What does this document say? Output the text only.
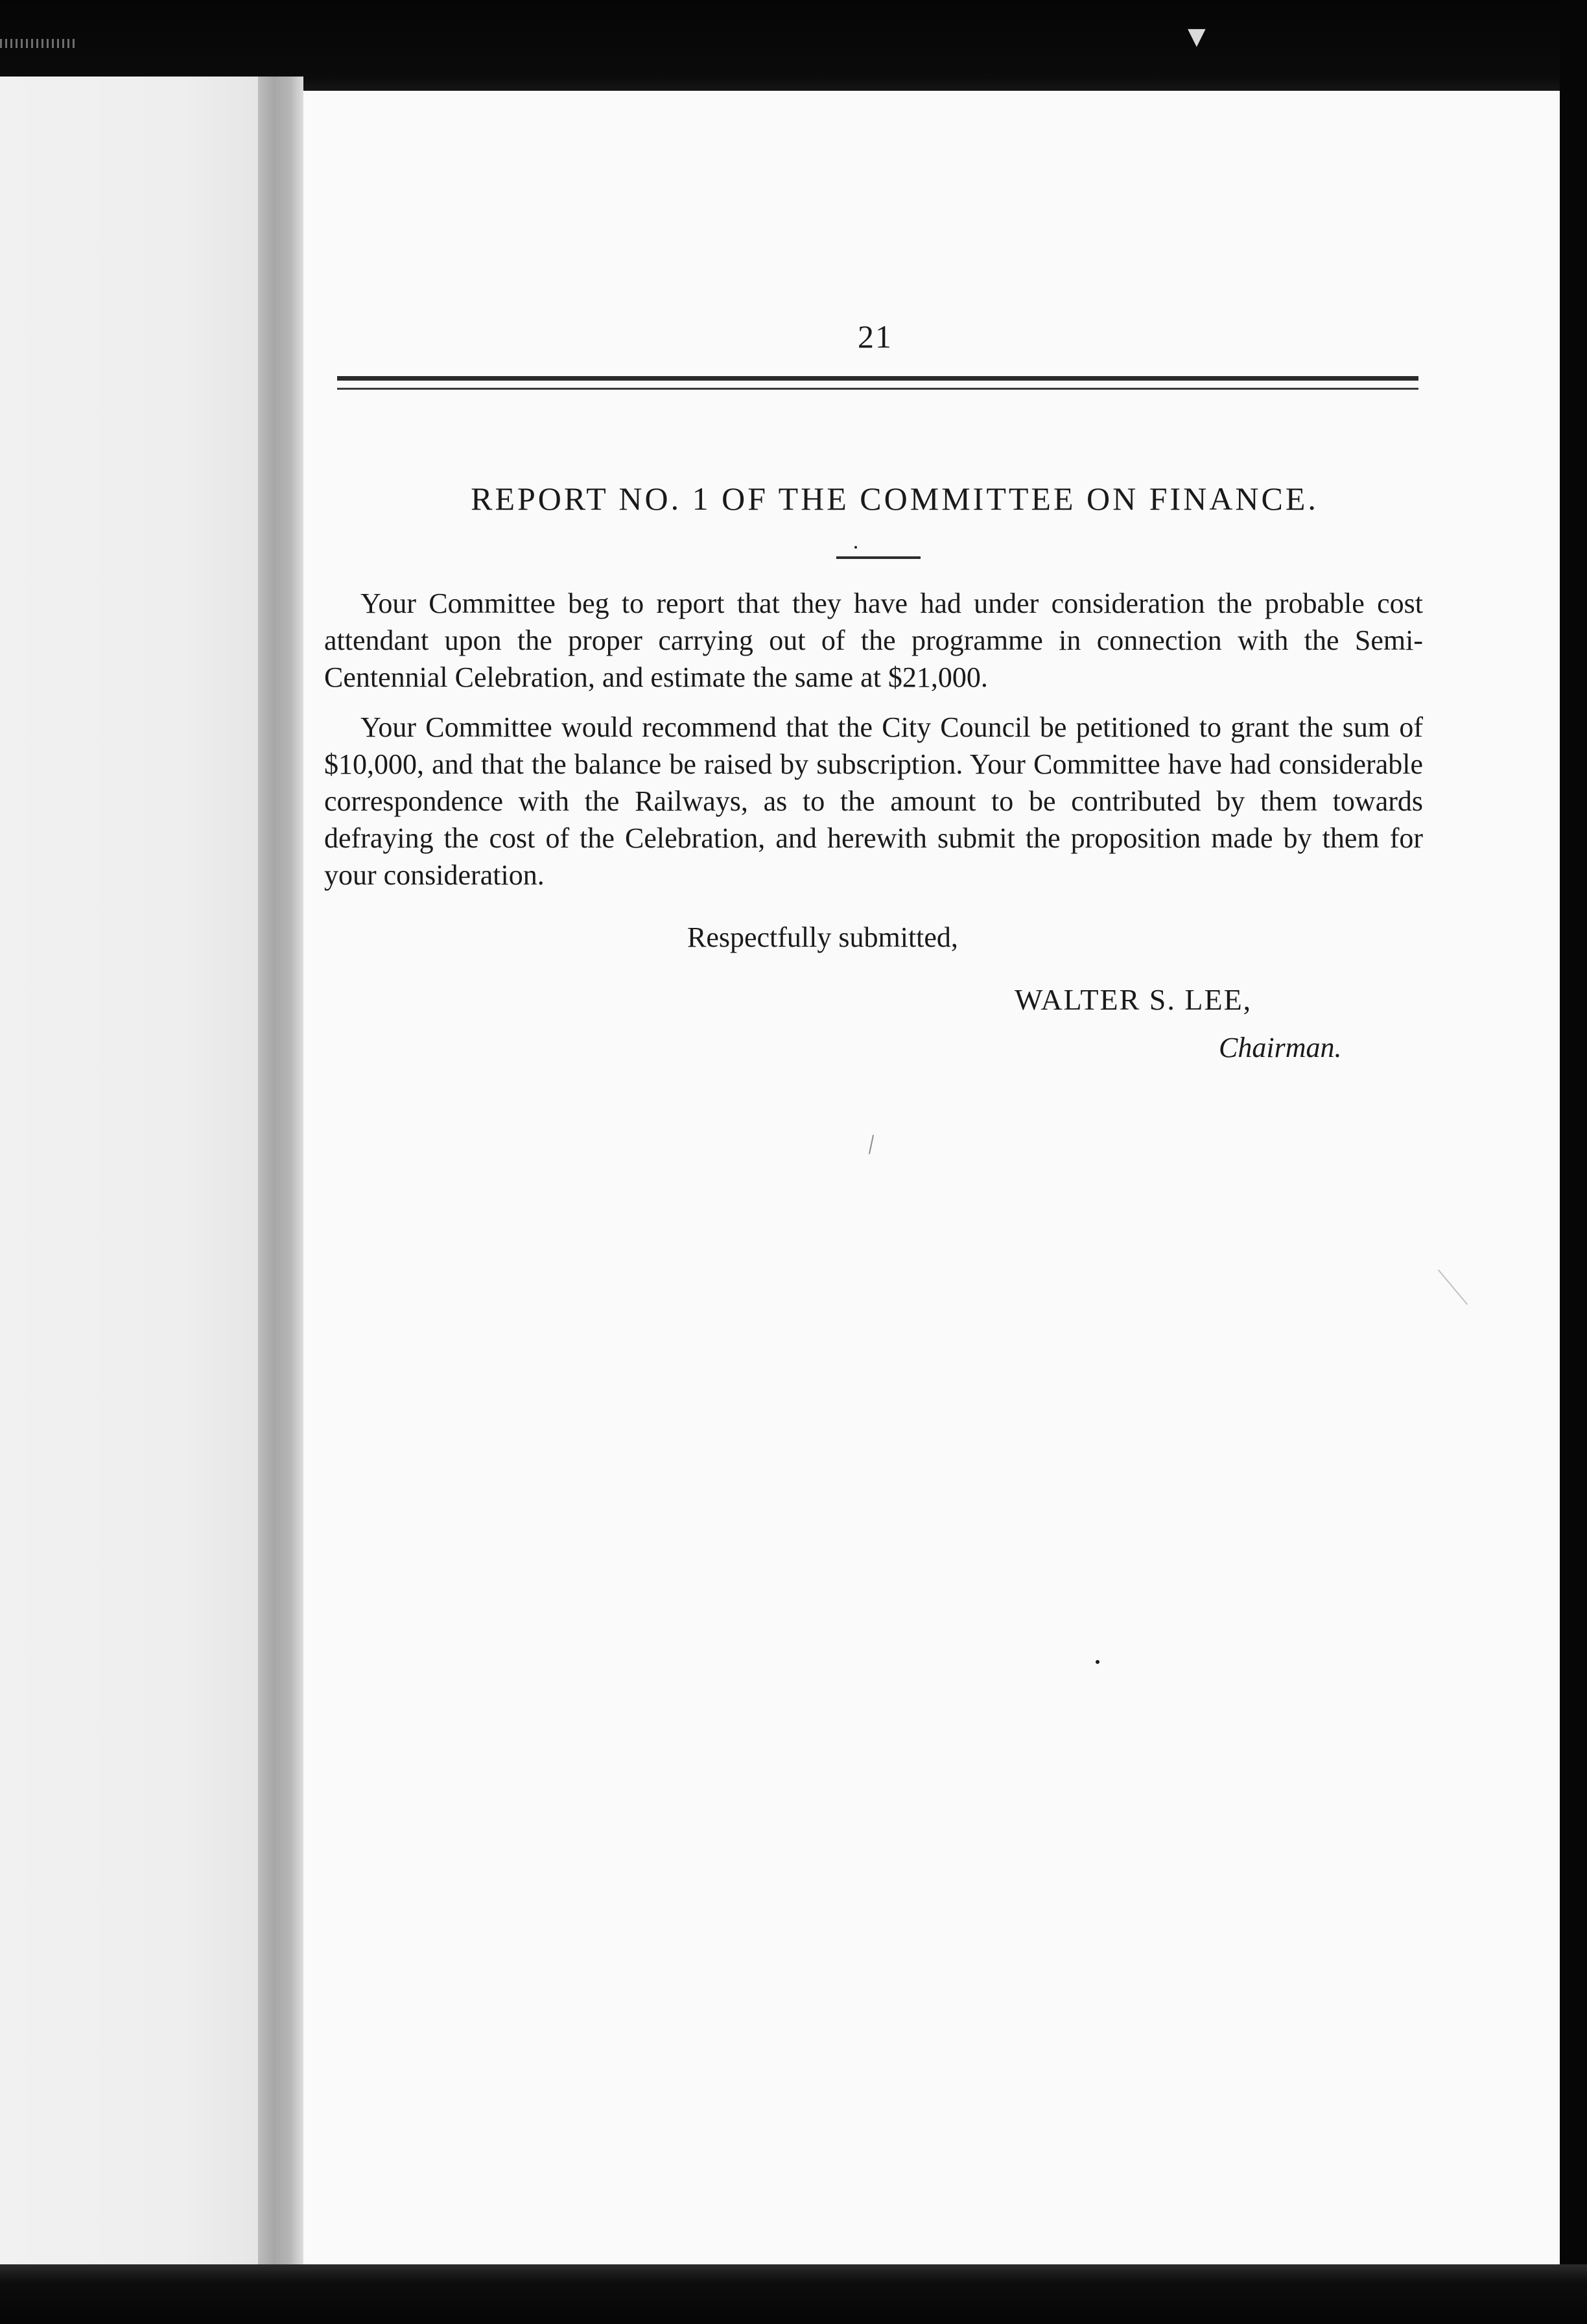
▼
21
REPORT NO. 1 OF THE COMMITTEE ON FINANCE.

Your Committee beg to report that they have had under consideration the probable cost attendant upon the proper carrying out of the programme in connection with the Semi-Centennial Celebration, and estimate the same at $21,000.

Your Committee would recommend that the City Council be petitioned to grant the sum of $10,000, and that the balance be raised by subscription. Your Committee have had considerable correspondence with the Railways, as to the amount to be contributed by them towards defraying the cost of the Celebration, and herewith submit the proposition made by them for your consideration.

Respectfully submitted,
WALTER S. LEE,
Chairman.
